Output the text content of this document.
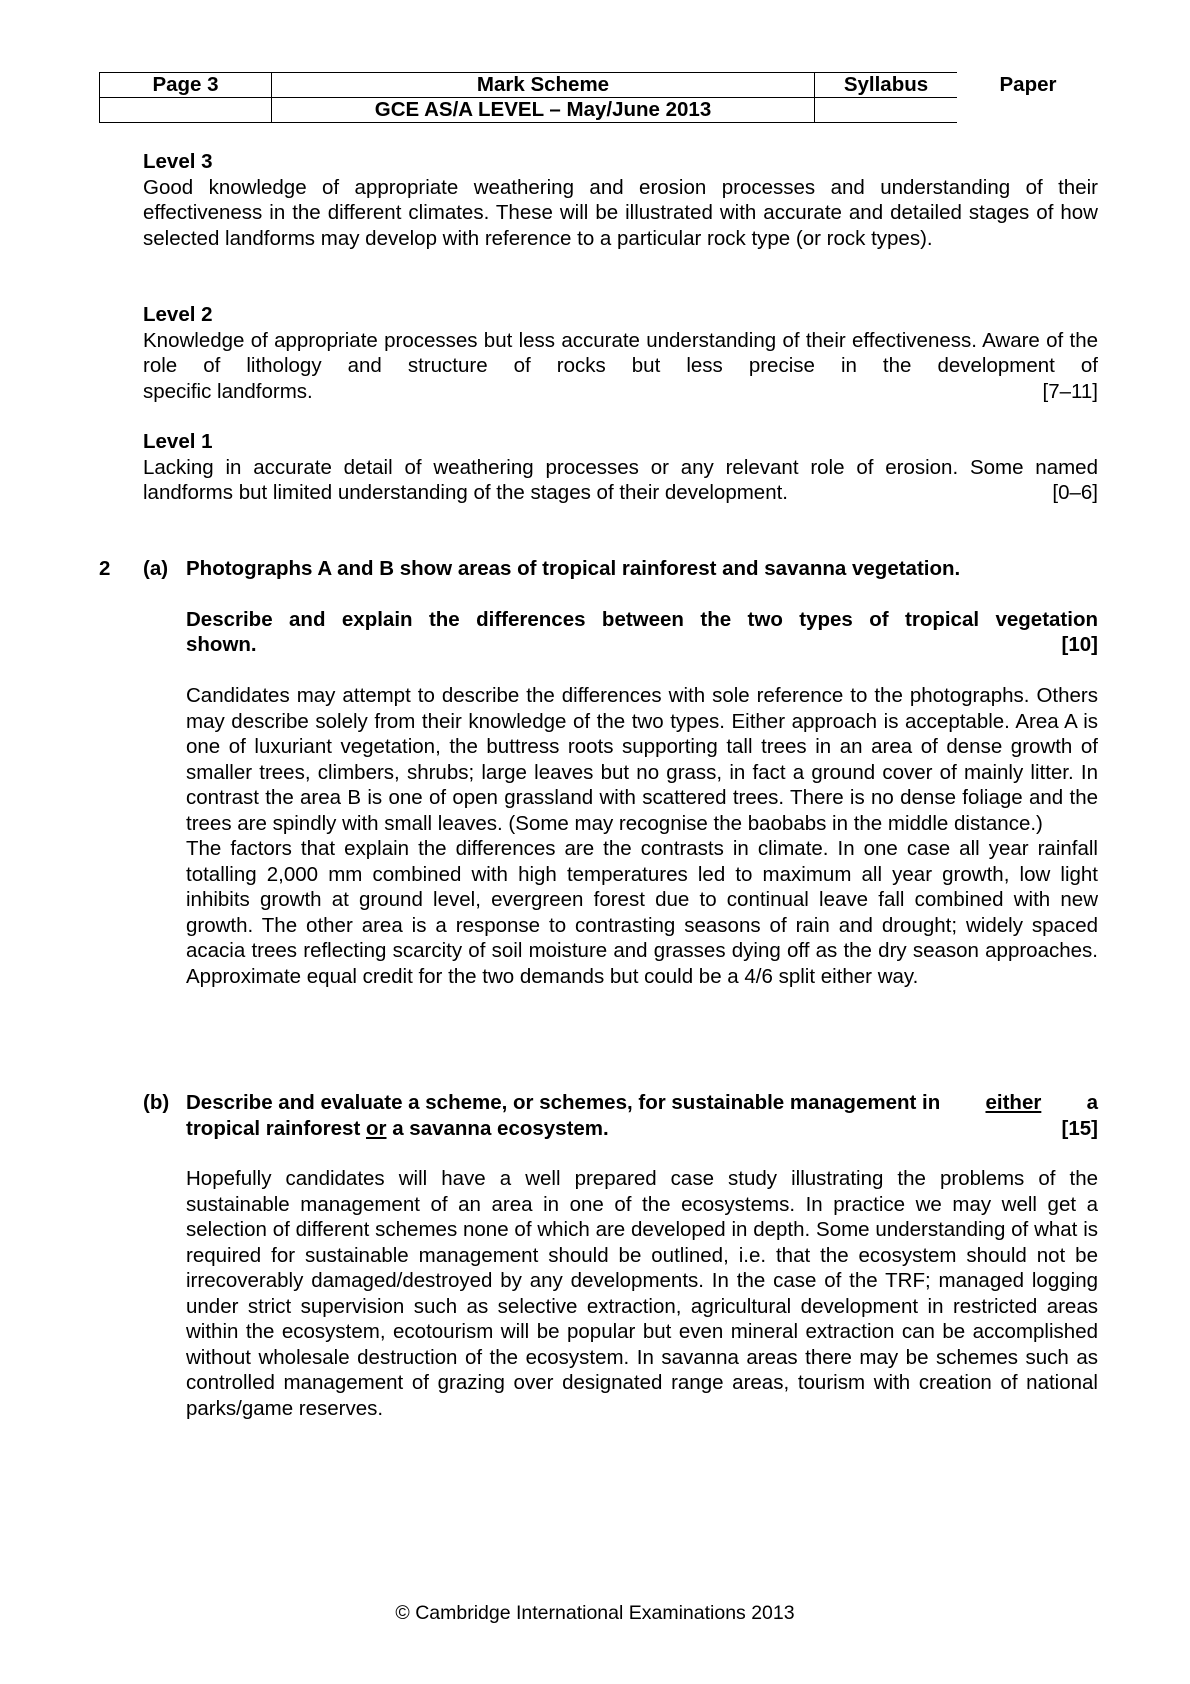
Page 3	Mark Scheme	Syllabus	Paper
	GCE AS/A LEVEL – May/June 2013		
Level 3

Good knowledge of appropriate weathering and erosion processes and understanding of their effectiveness in the different climates. These will be illustrated with accurate and detailed stages of how selected landforms may develop with reference to a particular rock type (or rock types).

Level 2

Knowledge of appropriate processes but less accurate understanding of their effectiveness. Aware of the role of lithology and structure of rocks but less precise in the development of

specific landforms.	[7–11]
Level 1

Lacking in accurate detail of weathering processes or any relevant role of erosion. Some named

landforms but limited understanding of the stages of their development.	[0–6]
2 (a) Photographs A and B show areas of tropical rainforest and savanna vegetation.

Describe and explain the differences between the two types of tropical vegetation

shown.	[10]

Candidates may attempt to describe the differences with sole reference to the photographs. Others may describe solely from their knowledge of the two types. Either approach is acceptable. Area A is one of luxuriant vegetation, the buttress roots supporting tall trees in an area of dense growth of smaller trees, climbers, shrubs; large leaves but no grass, in fact a ground cover of mainly litter. In contrast the area B is one of open grassland with scattered trees. There is no dense foliage and the trees are spindly with small leaves. (Some may recognise the baobabs in the middle distance.)

The factors that explain the differences are the contrasts in climate. In one case all year rainfall totalling 2,000 mm combined with high temperatures led to maximum all year growth, low light inhibits growth at ground level, evergreen forest due to continual leave fall combined with new growth. The other area is a response to contrasting seasons of rain and drought; widely spaced acacia trees reflecting scarcity of soil moisture and grasses dying off as the dry season approaches. Approximate equal credit for the two demands but could be a 4/6 split either way.

(b) Describe and evaluate a scheme, or schemes, for sustainable management in either a
tropical rainforest or a savanna ecosystem.	[15]

Hopefully candidates will have a well prepared case study illustrating the problems of the sustainable management of an area in one of the ecosystems. In practice we may well get a selection of different schemes none of which are developed in depth. Some understanding of what is required for sustainable management should be outlined, i.e. that the ecosystem should not be irrecoverably damaged/destroyed by any developments. In the case of the TRF; managed logging under strict supervision such as selective extraction, agricultural development in restricted areas within the ecosystem, ecotourism will be popular but even mineral extraction can be accomplished without wholesale destruction of the ecosystem. In savanna areas there may be schemes such as controlled management of grazing over designated range areas, tourism with creation of national parks/game reserves.

© Cambridge International Examinations 2013
